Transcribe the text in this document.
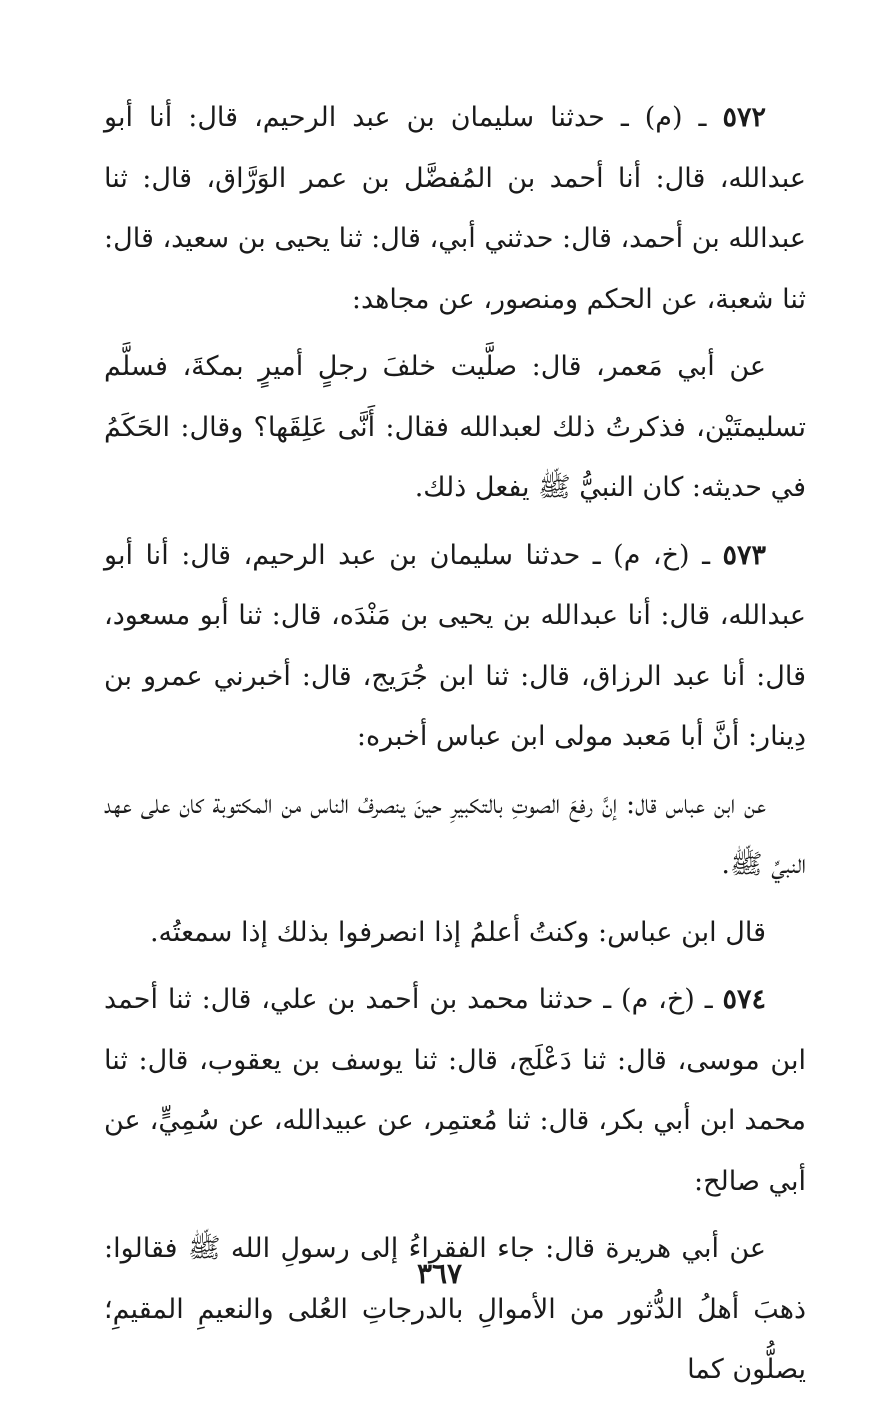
٥٧٢ ـ (م) ـ حدثنا سليمان بن عبد الرحيم، قال: أنا أبو عبدالله، قال: أنا أحمد بن المُفضَّل بن عمر الوَرَّاق، قال: ثنا عبدالله بن أحمد، قال: حدثني أبي، قال: ثنا يحيى بن سعيد، قال: ثنا شعبة، عن الحكم ومنصور، عن مجاهد:

عن أبي مَعمر، قال: صلَّيت خلفَ رجلٍ أميرٍ بمكةَ، فسلَّم تسليمتَيْن، فذكرتُ ذلك لعبدالله فقال: أَنَّى عَلِقَها؟ وقال: الحَكَمُ في حديثه: كان النبيُّ ﷺ يفعل ذلك.

٥٧٣ ـ (خ، م) ـ حدثنا سليمان بن عبد الرحيم، قال: أنا أبو عبدالله، قال: أنا عبدالله بن يحيى بن مَنْدَه، قال: ثنا أبو مسعود، قال: أنا عبد الرزاق، قال: ثنا ابن جُرَيج، قال: أخبرني عمرو بن دِينار: أنَّ أبا مَعبد مولى ابن عباس أخبره:

عن ابن عباس قال: إنَّ رفعَ الصوتِ بالتكبيرِ حينَ ينصرفُ الناس من المكتوبة كان على عهد النبيِّ ﷺ.

قال ابن عباس: وكنتُ أعلمُ إذا انصرفوا بذلك إذا سمعتُه.

٥٧٤ ـ (خ، م) ـ حدثنا محمد بن أحمد بن علي، قال: ثنا أحمد ابن موسى، قال: ثنا دَعْلَج، قال: ثنا يوسف بن يعقوب، قال: ثنا محمد ابن أبي بكر، قال: ثنا مُعتمِر، عن عبيدالله، عن سُمِيٍّ، عن أبي صالح:

عن أبي هريرة قال: جاء الفقراءُ إلى رسولِ الله ﷺ فقالوا: ذهبَ أهلُ الدُّثور من الأموالِ بالدرجاتِ العُلى والنعيمِ المقيمِ؛ يصلُّون كما

٣٦٧
